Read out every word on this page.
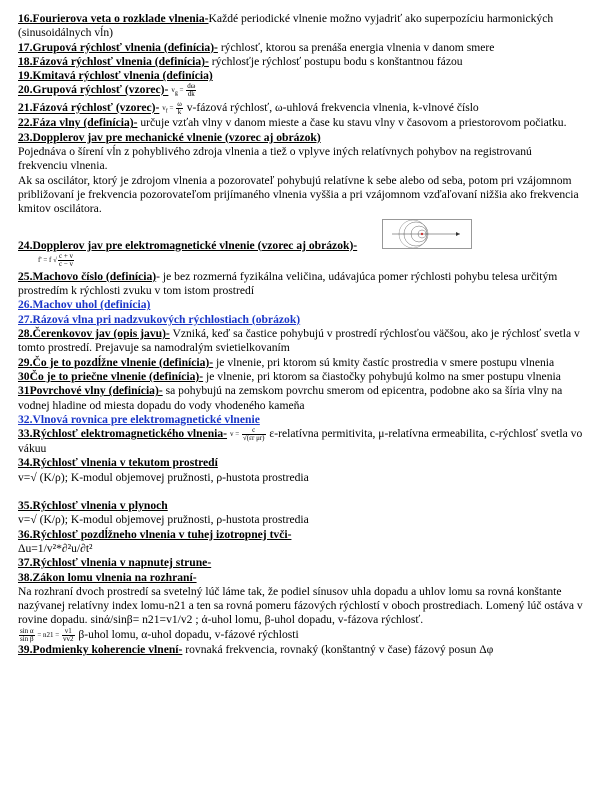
16.Fourierova veta o rozklade vlnenia-Každé periodické vlnenie možno vyjadriť ako superpozíciu harmonických (sinusoidálnych vĺn)

17.Grupová rýchlosť vlnenia (definícia)- rýchlosť, ktorou sa prenáša energia vlnenia v danom smere

18.Fázová rýchlosť vlnenia (definícia)- rýchlosťje rýchlosť postupu bodu s konštantnou fázou

19.Kmitavá rýchlosť vlnenia (definícia)

20.Grupová rýchlosť (vzorec)- $v_g = \frac{d\omega}{dk}$

21.Fázová rýchlosť (vzorec)- $v_f = \frac{\omega}{k}$ v-fázová rýchlosť, ω-uhlová frekvencia vlnenia, k-vlnové číslo

22.Fáza vlny (definícia)- určuje vzťah vlny v danom mieste a čase ku stavu vlny v časovom a priestorovom počiatku.

23.Dopplerov jav pre mechanické vlnenie (vzorec aj obrázok)
Pojednáva o šírení vĺn z pohyblivého zdroja vlnenia a tiež o vplyve iných relatívnych pohybov na registrovanú frekvenciu vlnenia.
Ak sa oscilátor, ktorý je zdrojom vlnenia a pozorovateľ pohybujú relatívne k sebe alebo od seba, potom pri vzájomnom približovaní je frekvencia pozorovateľom prijímaného vlnenia vyššia a pri vzájomnom vzďaľovaní nižšia ako frekvencia kmitov oscilátora.

24.Dopplerov jav pre elektromagnetické vlnenie (vzorec aj obrázok)-
f' = f √ $\frac{c + v}{c - v}$

25.Machovo číslo (definícia)- je bez rozmerná fyzikálna veličina, udávajúca pomer rýchlosti pohybu telesa určitým prostredím k rýchlosti zvuku v tom istom prostredí

26.Machov uhol (definícia)

27.Rázová vlna pri nadzvukových rýchlostiach (obrázok)

28.Čerenkovov jav (opis javu)- Vzniká, keď sa častice pohybujú v prostredí rýchlosťou väčšou, ako je rýchlosť svetla v tomto prostredí. Prejavuje sa namodralým svietielkovaním

29.Čo je to pozdĺžne vlnenie (definícia)- je vlnenie, pri ktorom sú kmity častíc prostredia v smere postupu vlnenia

30Čo je to priečne vlnenie (definícia)- je vlnenie, pri ktorom sa čiastočky pohybujú kolmo na smer postupu vlnenia

31Povrchové vlny (definícia)- sa pohybujú na zemskom povrchu smerom od epicentra, podobne ako sa šíria vlny na vodnej hladine od miesta dopadu do vody vhodeného kameňa

32.Vlnová rovnica pre elektromagnetické vlnenie

33.Rýchlosť elektromagnetického vlnenia- $v = \frac{c}{\text{√(εr μr)}}$ ε-relatívna permitivita, μ-relatívna ermeabilita, c-rýchlosť svetla vo vákuu

34.Rýchlosť vlnenia v tekutom prostredí
v=√ (K/ρ); K-modul objemovej pružnosti, ρ-hustota prostredia

35.Rýchlosť vlnenia v plynoch
v=√ (K/ρ); K-modul objemovej pružnosti, ρ-hustota prostredia

36.Rýchlosť pozdĺžneho vlnenia v tuhej izotropnej tvči-
Δu=1/v²*∂²u/∂t²

37.Rýchlosť vlnenia v napnutej strune-

38.Zákon lomu vlnenia na rozhraní-
Na rozhraní dvoch prostredí sa svetelný lúč láme tak, že podiel sínusov uhla dopadu a uhlov lomu sa rovná konštante nazývanej relatívny index lomu-n21 a ten sa rovná pomeru fázových rýchlostí v oboch prostrediach. Lomený lúč ostáva v rovine dopadu. sinά/sinβ= n21=v1/v2 ; ά-uhol lomu, β-uhol dopadu, v-fázova rýchlosť.

$\frac{\text{sin α}}{\text{sin β}} = n21 = \frac{v1}{vv2}$ β-uhol lomu, α-uhol dopadu, v-fázové rýchlosti

39.Podmienky koherencie vlnení- rovnaká frekvencia, rovnaký (konštantný v čase) fázový posun Δφ
